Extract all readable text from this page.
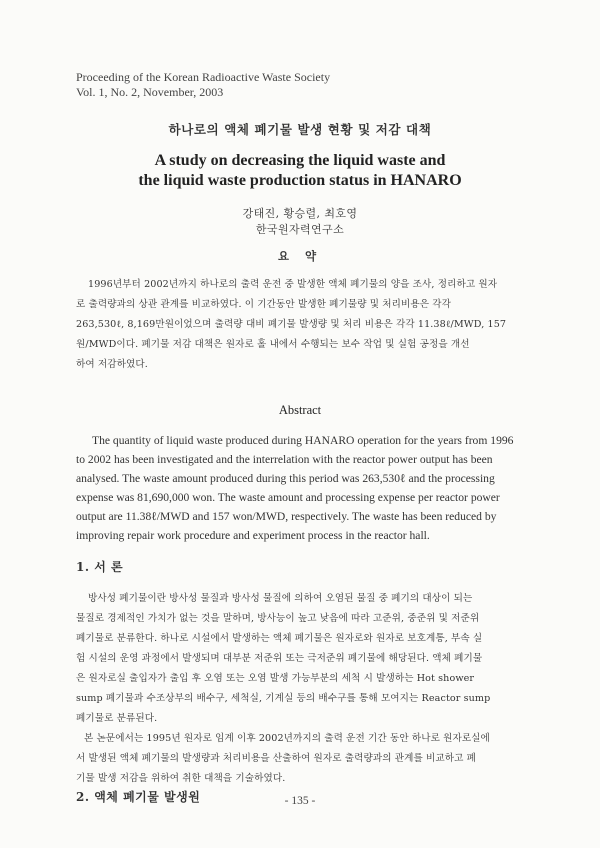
Proceeding of the Korean Radioactive Waste Society
Vol. 1, No. 2, November, 2003
하나로의 액체 폐기물 발생 현황 및 저감 대책
A study on decreasing the liquid waste and
the liquid waste production status in HANARO
강태진, 황승렬, 최호영
한국원자력연구소
요 약
1996년부터 2002년까지 하나로의 출력 운전 중 발생한 액체 폐기물의 양을 조사, 정리하고 원자
로 출력량과의 상관 관계를 비교하였다. 이 기간동안 발생한 폐기물량 및 처리비용은 각각
263,530ℓ, 8,169만원이었으며 출력량 대비 폐기물 발생량 및 처리 비용은 각각 11.38ℓ/MWD, 157
원/MWD이다. 폐기물 저감 대책은 원자로 홀 내에서 수행되는 보수 작업 및 실험 공정을 개선
하여 저감하였다.
Abstract
The quantity of liquid waste produced during HANARO operation for the years from 1996
to 2002 has been investigated and the interrelation with the reactor power output has been
analysed. The waste amount produced during this period was 263,530ℓ and the processing
expense was 81,690,000 won. The waste amount and processing expense per reactor power
output are 11.38ℓ/MWD and 157 won/MWD, respectively. The waste has been reduced by
improving repair work procedure and experiment process in the reactor hall.
1. 서 론
방사성 폐기물이란 방사성 물질과 방사성 물질에 의하여 오염된 물질 중 폐기의 대상이 되는
물질로 경제적인 가치가 없는 것을 말하며, 방사능이 높고 낮음에 따라 고준위, 중준위 및 저준위
폐기물로 분류한다. 하나로 시설에서 발생하는 액체 폐기물은 원자로와 원자로 보호계통, 부속 실
험 시설의 운영 과정에서 발생되며 대부분 저준위 또는 극저준위 폐기물에 해당된다. 액체 폐기물
은 원자로실 출입자가 출입 후 오염 또는 오염 발생 가능부분의 세척 시 발생하는 Hot shower
sump 폐기물과 수조상부의 배수구, 세척실, 기계실 등의 배수구를 통해 모여지는 Reactor sump
폐기물로 분류된다.
본 논문에서는 1995년 원자로 임계 이후 2002년까지의 출력 운전 기간 동안 하나로 원자로실에
서 발생된 액체 폐기물의 발생량과 처리비용을 산출하여 원자로 출력량과의 관계를 비교하고 폐
기물 발생 저감을 위하여 취한 대책을 기술하였다.
2. 액체 폐기물 발생원	- 135 -
